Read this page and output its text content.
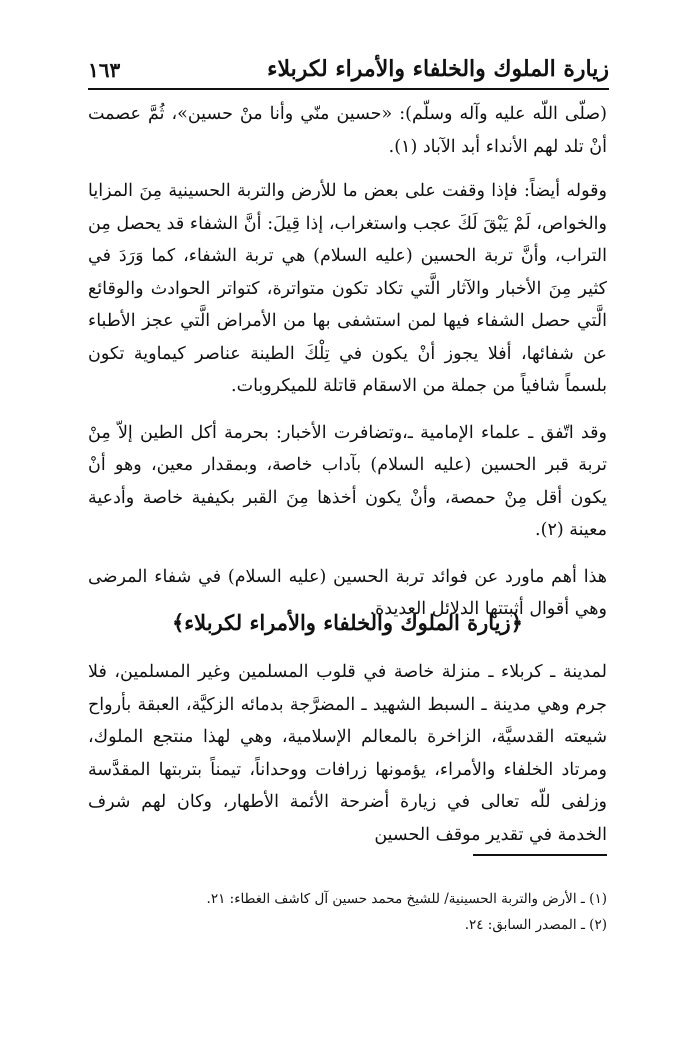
زيارة الملوك والخلفاء والأمراء لكربلاء
١٦٣

(صلّى اللّه عليه وآله وسلّم): «حسين منّي وأنا منْ حسين»، ثُمَّ عصمت أنْ تلد لهم الأنداء أبد الآباد (١).

وقوله أيضاً: فإذا وقفت على بعض ما للأرض والتربة الحسينية مِنَ المزايا والخواص، لَمْ يَبْقَ لَكَ عجب واستغراب، إذا قِيلَ: أنَّ الشفاء قد يحصل مِن التراب، وأنَّ تربة الحسين (عليه السلام) هي تربة الشفاء، كما وَرَدَ في كثير مِنَ الأخبار والآثار الَّتي تكاد تكون متواترة، كتواتر الحوادث والوقائع الَّتي حصل الشفاء فيها لمن استشفى بها من الأمراض الَّتي عجز الأطباء عن شفائها، أفلا يجوز أنْ يكون في تِلْكَ الطينة عناصر كيماوية تكون بلسماً شافياً من جملة من الاسقام قاتلة للميكروبات.

وقد اتّفق ـ علماء الإمامية ـ،وتضافرت الأخبار: بحرمة أكل الطين إلاّ مِنْ تربة قبر الحسين (عليه السلام) بآداب خاصة، وبمقدار معين، وهو أنْ يكون أقل مِنْ حمصة، وأنْ يكون أخذها مِنَ القبر بكيفية خاصة وأدعية معينة (٢).

هذا أهم ماورد عن فوائد تربة الحسين (عليه السلام) في شفاء المرضى وهي أقوال أثبتتها الدلائل العديدة.

﴿زيارة الملوك والخلفاء والأمراء لكربلاء﴾

لمدينة ـ كربلاء ـ منزلة خاصة في قلوب المسلمين وغير المسلمين، فلا جرم وهي مدينة ـ السبط الشهيد ـ المضرَّجة بدمائه الزكيَّة، العبقة بأرواح شيعته القدسيَّة، الزاخرة بالمعالم الإسلامية، وهي لهذا منتجع الملوك، ومرتاد الخلفاء والأمراء، يؤمونها زرافات ووحداناً، تيمناً بتربتها المقدَّسة وزلفى للّه تعالى في زيارة أضرحة الأئمة الأطهار، وكان لهم شرف الخدمة في تقدير موقف الحسين

(١) ـ الأرض والتربة الحسينية/ للشيخ محمد حسين آل كاشف الغطاء: ٢١.
(٢) ـ المصدر السابق: ٢٤.
